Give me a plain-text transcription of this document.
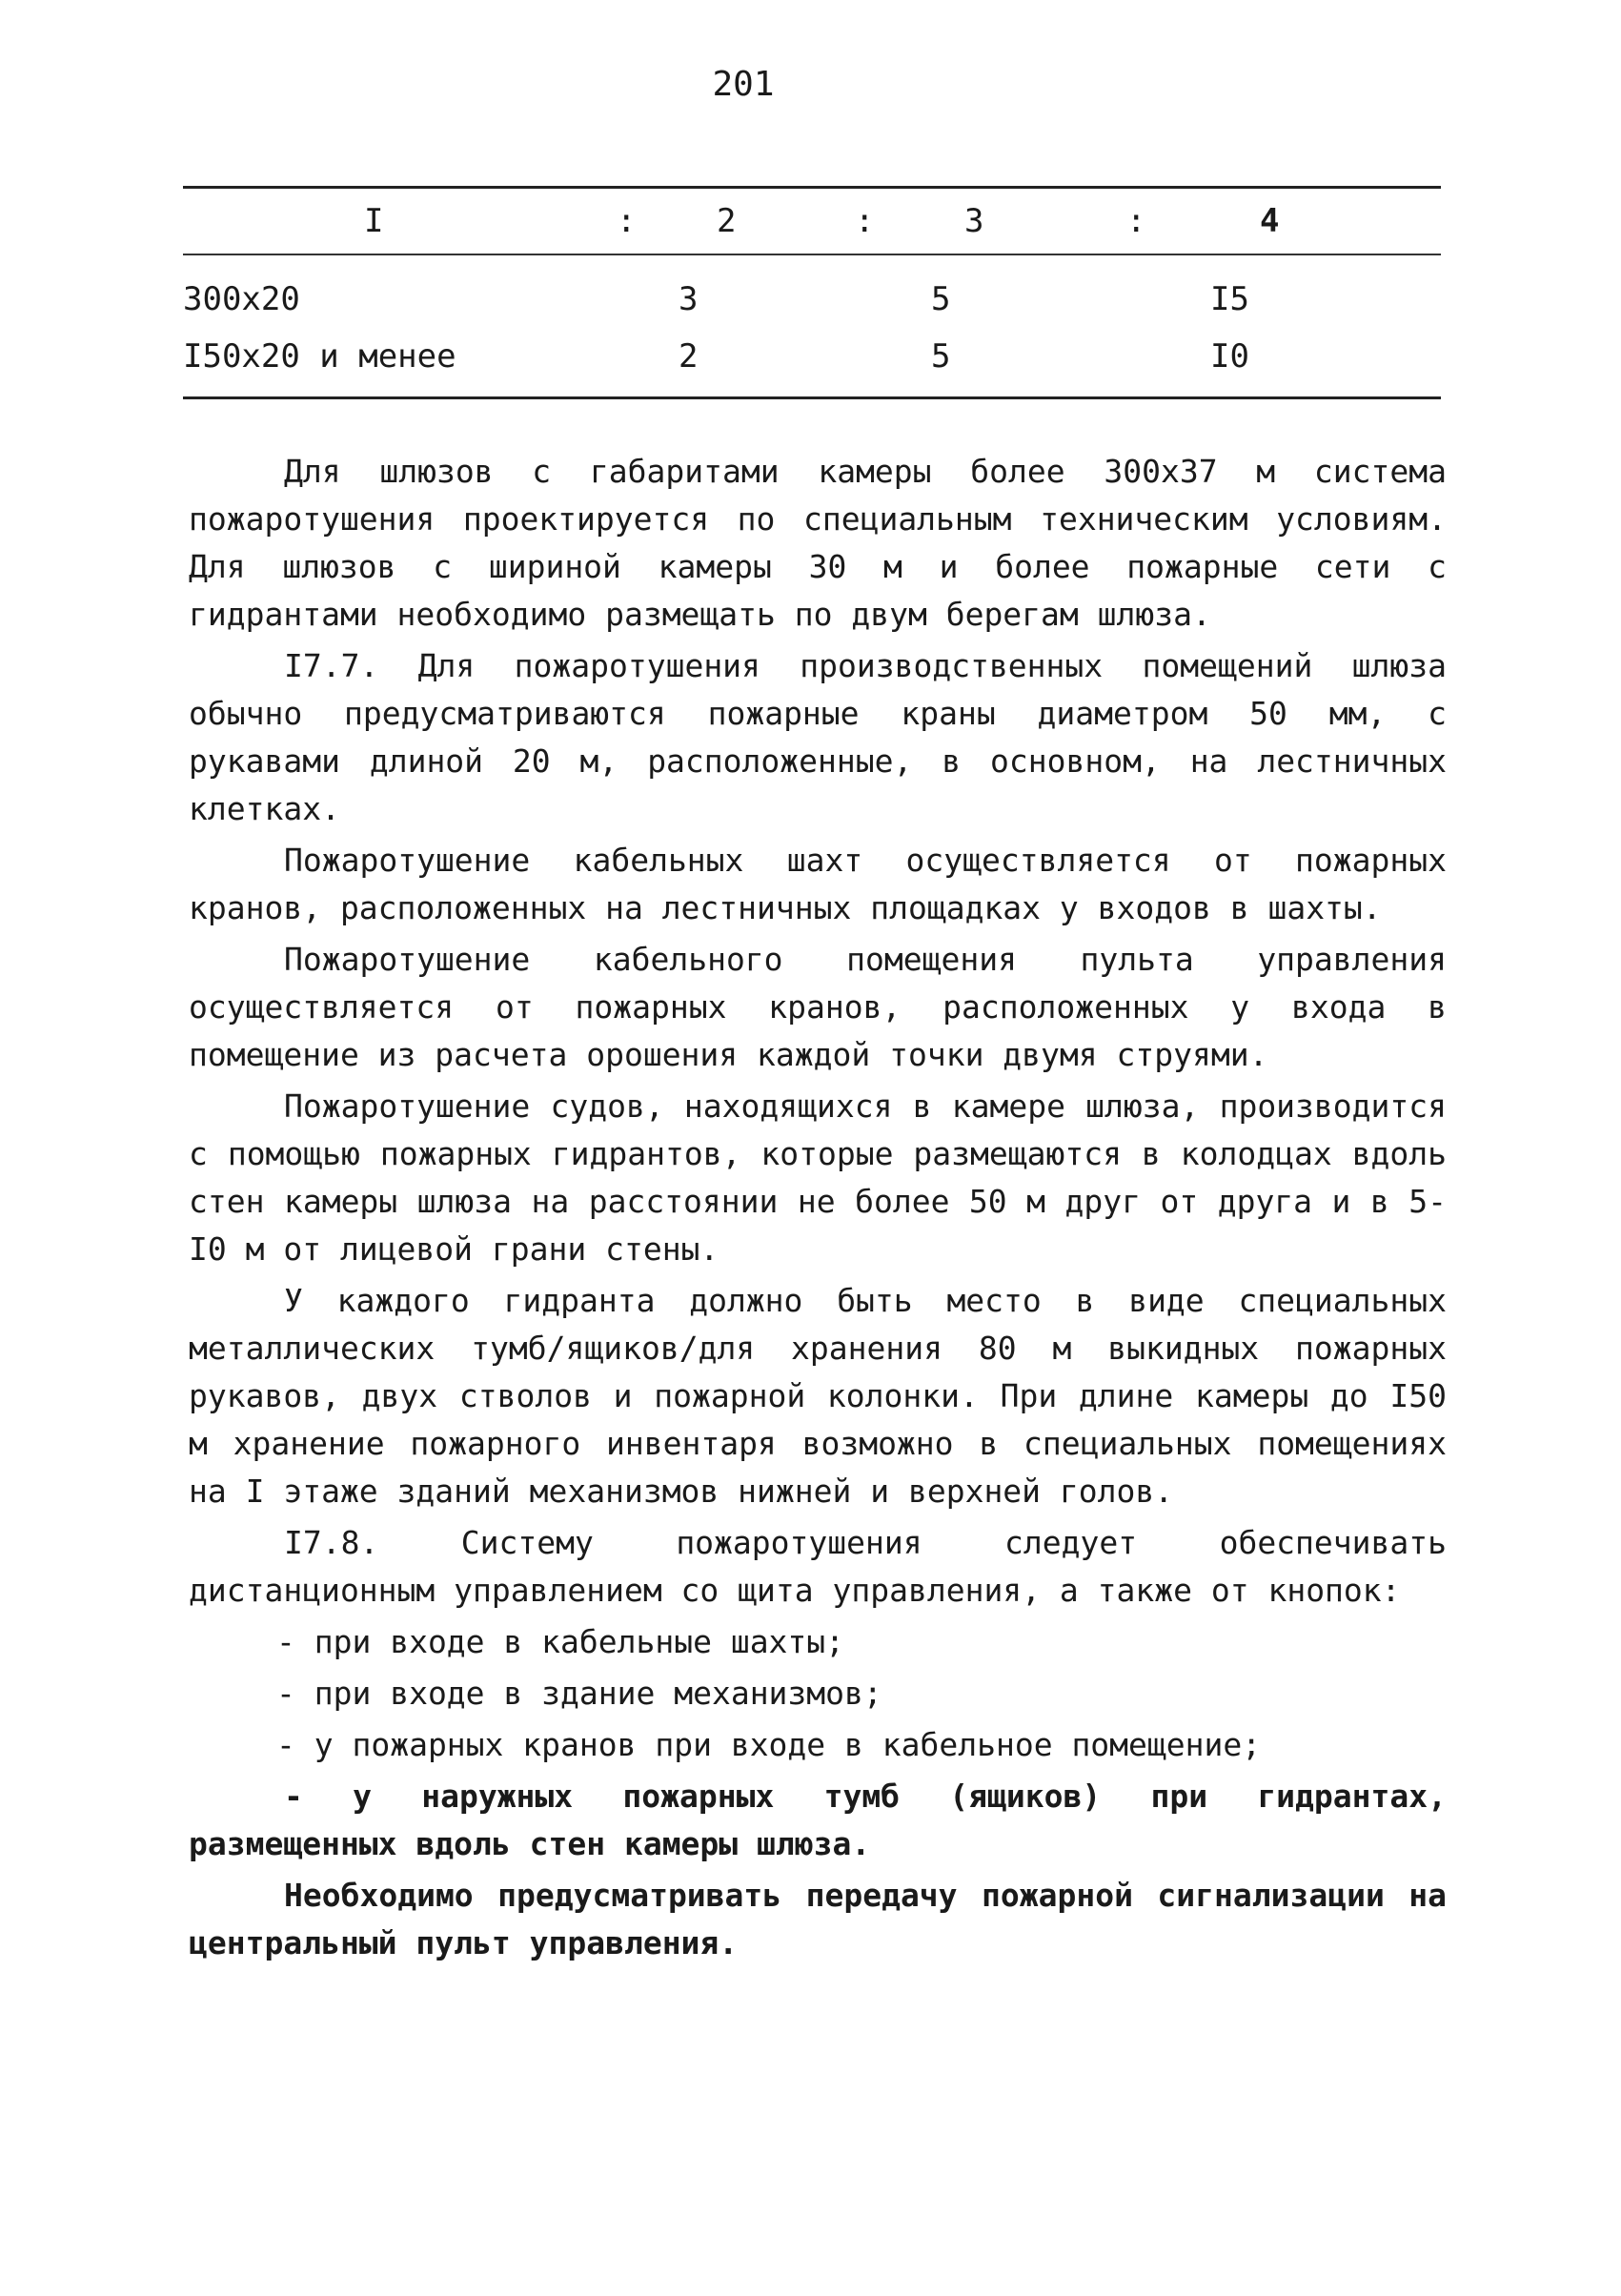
201
I	: 2	:	3	:	4
300x20	3	5	I5
I50x20 и менее	2	5	I0

Для шлюзов с габаритами камеры более 300х37 м система пожаротушения проектируется по специальным техническим условиям. Для шлюзов с шириной камеры 30 м и более пожарные сети с гидрантами необходимо размещать по двум берегам шлюза.

I7.7. Для пожаротушения производственных помещений шлюза обычно предусматриваются пожарные краны диаметром 50 мм, с рукавами длиной 20 м, расположенные, в основном, на лестничных клетках.

Пожаротушение кабельных шахт осуществляется от пожарных кранов, расположенных на лестничных площадках у входов в шахты.

Пожаротушение кабельного помещения пульта управления осуществляется от пожарных кранов, расположенных у входа в помещение из расчета орошения каждой точки двумя струями.

Пожаротушение судов, находящихся в камере шлюза, производится с помощью пожарных гидрантов, которые размещаются в колодцах вдоль стен камеры шлюза на расстоянии не более 50 м друг от друга и в 5-I0 м от лицевой грани стены.

У каждого гидранта должно быть место в виде специальных металлических тумб/ящиков/для хранения 80 м выкидных пожарных рукавов, двух стволов и пожарной колонки. При длине камеры до I50 м хранение пожарного инвентаря возможно в специальных помещениях на I этаже зданий механизмов нижней и верхней голов.

I7.8. Систему пожаротушения следует обеспечивать дистанционным управлением со щита управления, а также от кнопок:

- при входе в кабельные шахты;

- при входе в здание механизмов;

- у пожарных кранов при входе в кабельное помещение;

- у наружных пожарных тумб (ящиков) при гидрантах, размещенных вдоль стен камеры шлюза.

Необходимо предусматривать передачу пожарной сигнализации на центральный пульт управления.
